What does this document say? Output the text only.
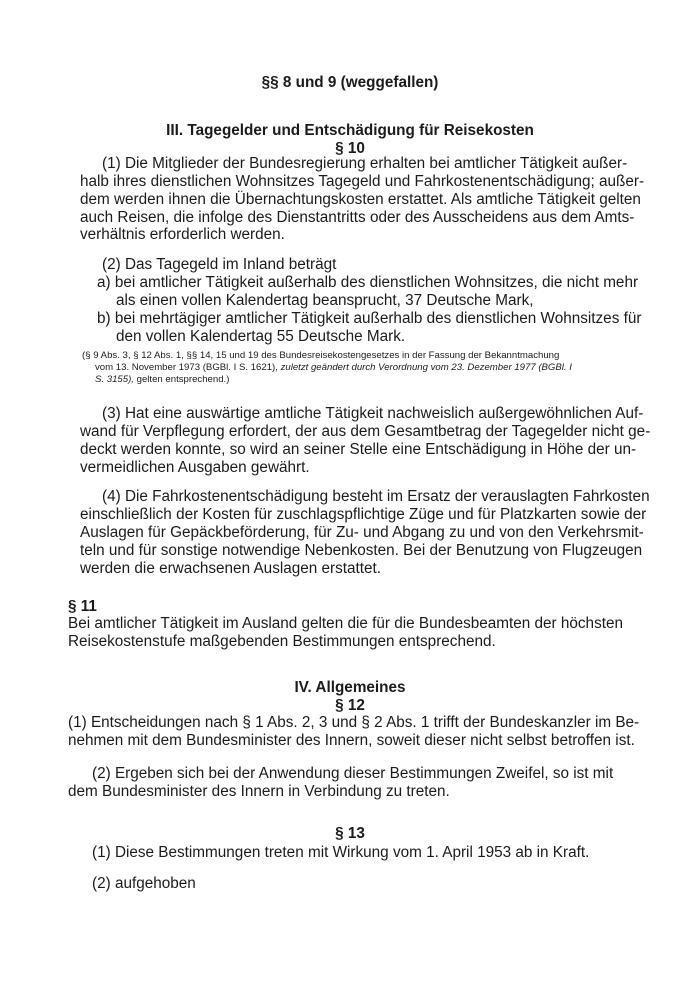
§§ 8 und 9 (weggefallen)
III. Tagegelder und Entschädigung für Reisekosten
§ 10
(1) Die Mitglieder der Bundesregierung erhalten bei amtlicher Tätigkeit außer-
halb ihres dienstlichen Wohnsitzes Tagegeld und Fahrkostenentschädigung; außer-
dem werden ihnen die Übernachtungskosten erstattet. Als amtliche Tätigkeit gelten
auch Reisen, die infolge des Dienstantritts oder des Ausscheidens aus dem Amts-
verhältnis erforderlich werden.
(2) Das Tagegeld im Inland beträgt
a) bei amtlicher Tätigkeit außerhalb des dienstlichen Wohnsitzes, die nicht mehr
als einen vollen Kalendertag beansprucht, 37 Deutsche Mark,
b) bei mehrtägiger amtlicher Tätigkeit außerhalb des dienstlichen Wohnsitzes für
den vollen Kalendertag 55 Deutsche Mark.
(§ 9 Abs. 3, § 12 Abs. 1, §§ 14, 15 und 19 des Bundesreisekostengesetzes in der Fassung der Bekanntmachung
vom 13. November 1973 (BGBl. I S. 1621), zuletzt geändert durch Verordnung vom 23. Dezember 1977 (BGBl. I
S. 3155), gelten entsprechend.)
(3) Hat eine auswärtige amtliche Tätigkeit nachweislich außergewöhnlichen Auf-
wand für Verpflegung erfordert, der aus dem Gesamtbetrag der Tagegelder nicht ge-
deckt werden konnte, so wird an seiner Stelle eine Entschädigung in Höhe der un-
vermeidlichen Ausgaben gewährt.
(4) Die Fahrkostenentschädigung besteht im Ersatz der verauslagten Fahrkosten
einschließlich der Kosten für zuschlagspflichtige Züge und für Platzkarten sowie der
Auslagen für Gepäckbeförderung, für Zu- und Abgang zu und von den Verkehrsmit-
teln und für sonstige notwendige Nebenkosten. Bei der Benutzung von Flugzeugen
werden die erwachsenen Auslagen erstattet.
§ 11
Bei amtlicher Tätigkeit im Ausland gelten die für die Bundesbeamten der höchsten
Reisekostenstufe maßgebenden Bestimmungen entsprechend.
IV. Allgemeines
§ 12
(1) Entscheidungen nach § 1 Abs. 2, 3 und § 2 Abs. 1 trifft der Bundeskanzler im Be-
nehmen mit dem Bundesminister des Innern, soweit dieser nicht selbst betroffen ist.
(2) Ergeben sich bei der Anwendung dieser Bestimmungen Zweifel, so ist mit
dem Bundesminister des Innern in Verbindung zu treten.
§ 13
(1) Diese Bestimmungen treten mit Wirkung vom 1. April 1953 ab in Kraft.
(2) aufgehoben
